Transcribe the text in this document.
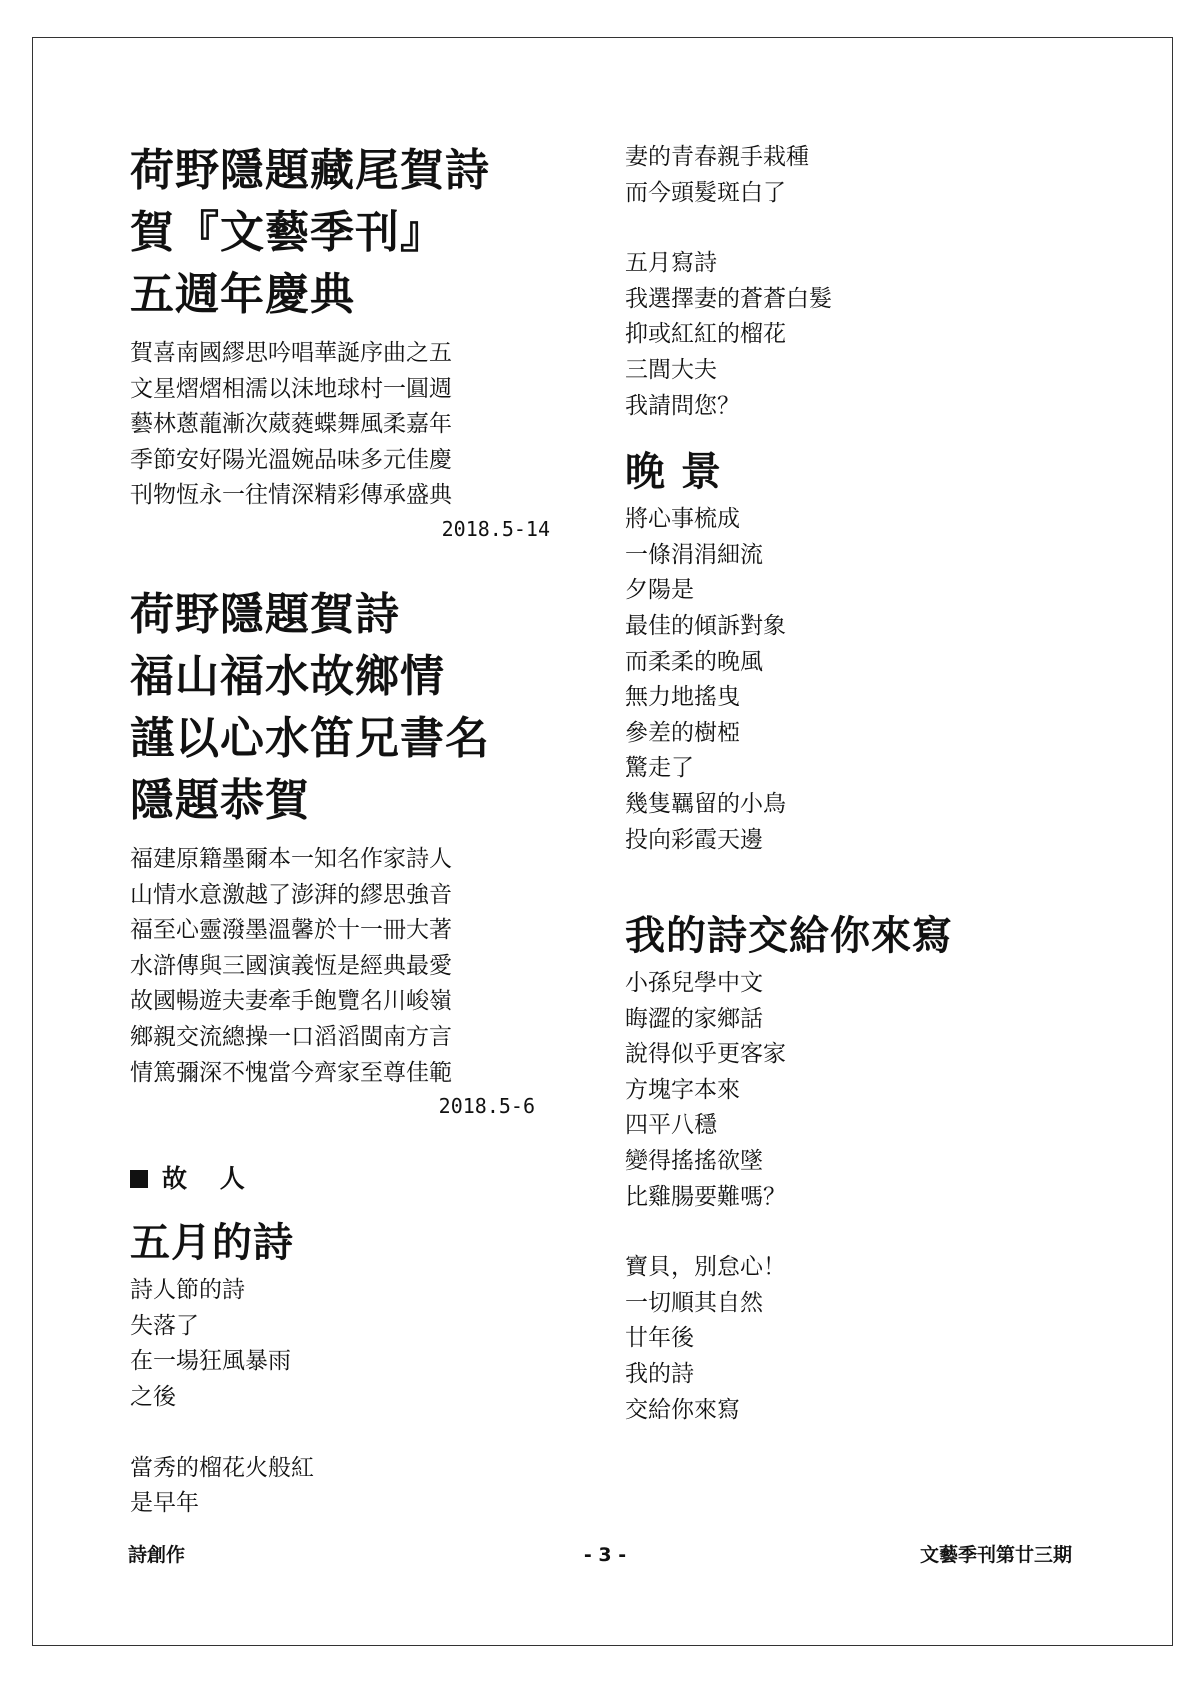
荷野隱題藏尾賀詩
賀『文藝季刊』
五週年慶典
賀喜南國繆思吟唱華誕序曲之五
文星熠熠相濡以沫地球村一圓週
藝林蔥蘢漸次葳蕤蝶舞風柔嘉年
季節安好陽光溫婉品味多元佳慶
刊物恆永一往情深精彩傳承盛典
2018.5-14
荷野隱題賀詩
福山福水故鄉情
謹以心水笛兄書名
隱題恭賀
福建原籍墨爾本一知名作家詩人
山情水意激越了澎湃的繆思強音
福至心靈潑墨溫馨於十一冊大著
水滸傳與三國演義恆是經典最愛
故國暢遊夫妻牽手飽覽名川峻嶺
鄉親交流總操一口滔滔閩南方言
情篤彌深不愧當今齊家至尊佳範
2018.5-6
故 人
五月的詩
詩人節的詩
失落了
在一場狂風暴雨
之後
當秀的榴花火般紅
是早年
妻的青春親手栽種
而今頭髮斑白了
五月寫詩
我選擇妻的蒼蒼白髮
抑或紅紅的榴花
三閭大夫
我請問您？
晚 景
將心事梳成
一條涓涓細流
夕陽是
最佳的傾訴對象
而柔柔的晚風
無力地搖曳
參差的樹椏
驚走了
幾隻羈留的小鳥
投向彩霞天邊
我的詩交給你來寫
小孫兒學中文
晦澀的家鄉話
說得似乎更客家
方塊字本來
四平八穩
變得搖搖欲墜
比雞腸要難嗎？
寶貝，別怠心！
一切順其自然
廿年後
我的詩
交給你來寫
詩創作	- 3 -	文藝季刊第廿三期
